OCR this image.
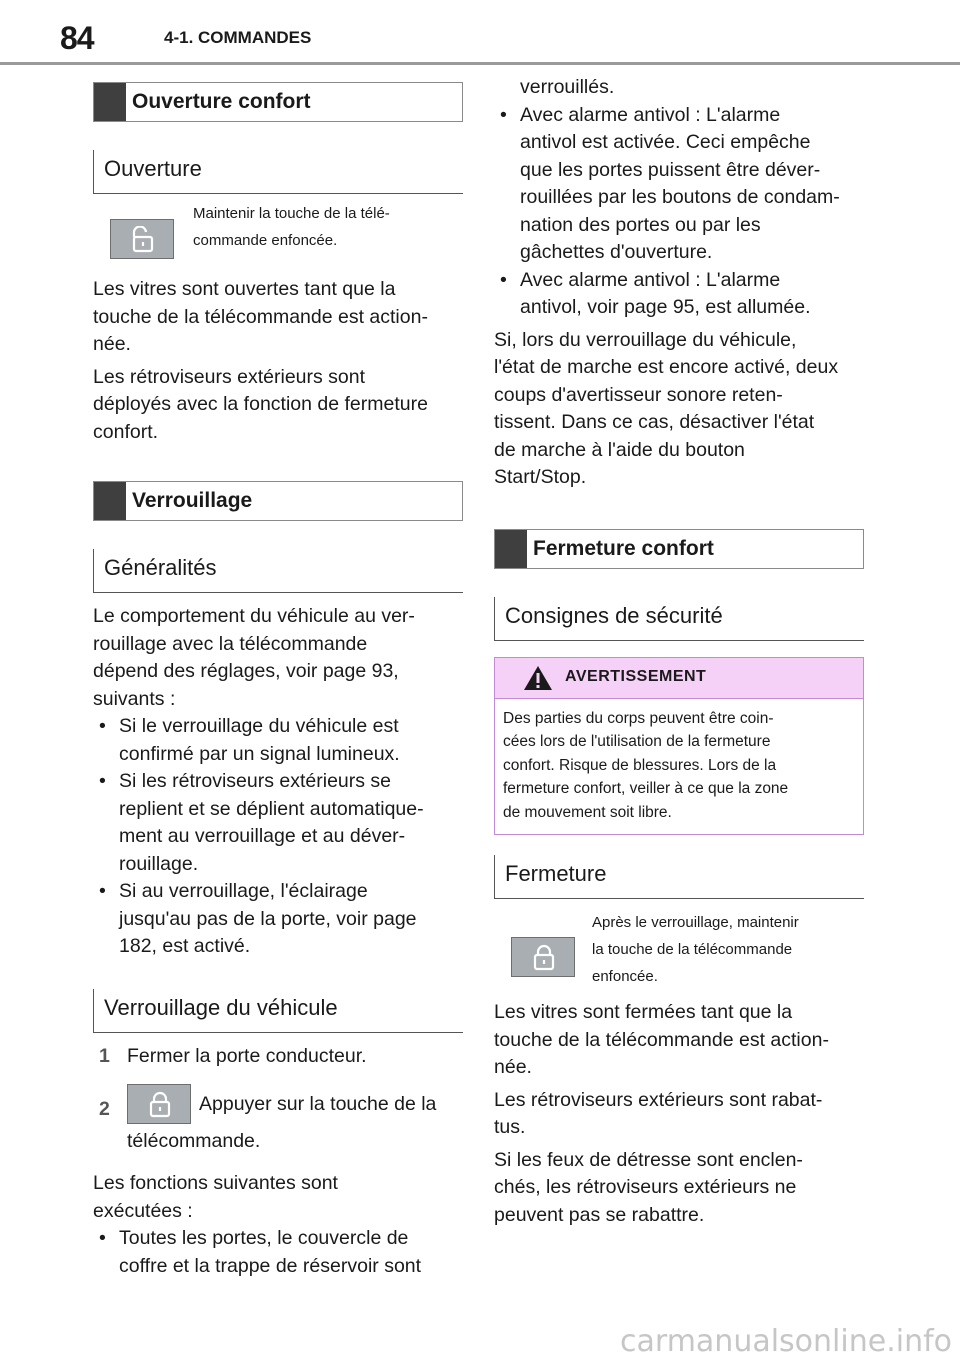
84	4-1. COMMANDES
Ouverture confort
Ouverture
Maintenir la touche de la télé-
commande enfoncée.
Les vitres sont ouvertes tant que la
touche de la télécommande est action-
née.
Les rétroviseurs extérieurs sont
déployés avec la fonction de fermeture
confort.
Verrouillage
Généralités
Le comportement du véhicule au ver-
rouillage avec la télécommande
dépend des réglages, voir page 93,
suivants :
• Si le verrouillage du véhicule est
confirmé par un signal lumineux.
• Si les rétroviseurs extérieurs se
replient et se déplient automatique-
ment au verrouillage et au déver-
rouillage.
• Si au verrouillage, l'éclairage
jusqu'au pas de la porte, voir page
182, est activé.
Verrouillage du véhicule
1 Fermer la porte conducteur.
2	Appuyer sur la touche de la
télécommande.
Les fonctions suivantes sont
exécutées :
• Toutes les portes, le couvercle de
coffre et la trappe de réservoir sont
verrouillés.
• Avec alarme antivol : L'alarme
antivol est activée. Ceci empêche
que les portes puissent être déver-
rouillées par les boutons de condam-
nation des portes ou par les
gâchettes d'ouverture.
• Avec alarme antivol : L'alarme
antivol, voir page 95, est allumée.
Si, lors du verrouillage du véhicule,
l'état de marche est encore activé, deux
coups d'avertisseur sonore reten-
tissent. Dans ce cas, désactiver l'état
de marche à l'aide du bouton
Start/Stop.
Fermeture confort
Consignes de sécurité
AVERTISSEMENT
Des parties du corps peuvent être coin-
cées lors de l'utilisation de la fermeture
confort. Risque de blessures. Lors de la
fermeture confort, veiller à ce que la zone
de mouvement soit libre.
Fermeture
Après le verrouillage, maintenir
la touche de la télécommande
enfoncée.
Les vitres sont fermées tant que la
touche de la télécommande est action-
née.
Les rétroviseurs extérieurs sont rabat-
tus.
Si les feux de détresse sont enclen-
chés, les rétroviseurs extérieurs ne
peuvent pas se rabattre.
carmanualsonline.info
